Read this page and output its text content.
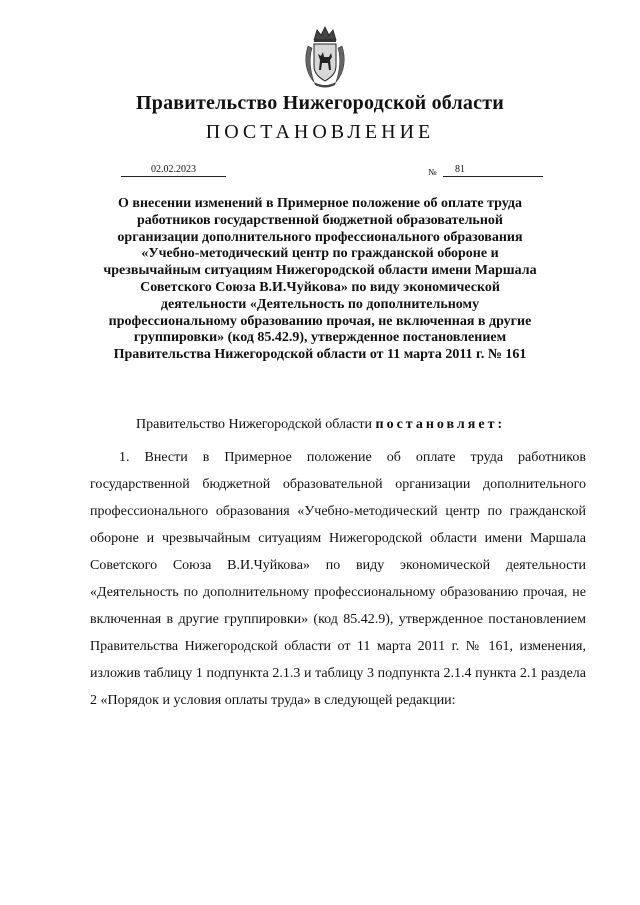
Правительство Нижегородской области
ПОСТАНОВЛЕНИЕ
02.02.2023	№	81
О внесении изменений в Примерное положение об оплате труда работников государственной бюджетной образовательной организации дополнительного профессионального образования «Учебно-методический центр по гражданской обороне и чрезвычайным ситуациям Нижегородской области имени Маршала Советского Союза В.И.Чуйкова» по виду экономической деятельности «Деятельность по дополнительному профессиональному образованию прочая, не включенная в другие группировки» (код 85.42.9), утвержденное постановлением Правительства Нижегородской области от 11 марта 2011 г. № 161
Правительство Нижегородской области постановляет:
1. Внести в Примерное положение об оплате труда работников государственной бюджетной образовательной организации дополнительного профессионального образования «Учебно-методический центр по гражданской обороне и чрезвычайным ситуациям Нижегородской области имени Маршала Советского Союза В.И.Чуйкова» по виду экономической деятельности «Деятельность по дополнительному профессиональному образованию прочая, не включенная в другие группировки» (код 85.42.9), утвержденное постановлением Правительства Нижегородской области от 11 марта 2011 г. № 161, изменения, изложив таблицу 1 подпункта 2.1.3 и таблицу 3 подпункта 2.1.4 пункта 2.1 раздела 2 «Порядок и условия оплаты труда» в следующей редакции:
